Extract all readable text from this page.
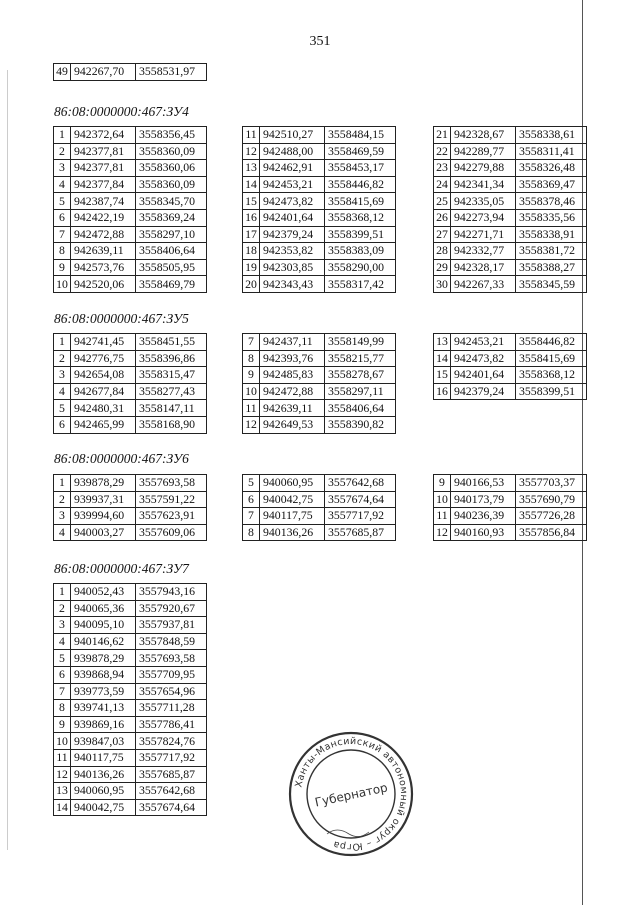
351
49	942267,70	3558531,97
86:08:0000000:467:ЗУ4
1	942372,64	3558356,45
2	942377,81	3558360,09
3	942377,81	3558360,06
4	942377,84	3558360,09
5	942387,74	3558345,70
6	942422,19	3558369,24
7	942472,88	3558297,10
8	942639,11	3558406,64
9	942573,76	3558505,95
10	942520,06	3558469,79
11	942510,27	3558484,15
12	942488,00	3558469,59
13	942462,91	3558453,17
14	942453,21	3558446,82
15	942473,82	3558415,69
16	942401,64	3558368,12
17	942379,24	3558399,51
18	942353,82	3558383,09
19	942303,85	3558290,00
20	942343,43	3558317,42
21	942328,67	3558338,61
22	942289,77	3558311,41
23	942279,88	3558326,48
24	942341,34	3558369,47
25	942335,05	3558378,46
26	942273,94	3558335,56
27	942271,71	3558338,91
28	942332,77	3558381,72
29	942328,17	3558388,27
30	942267,33	3558345,59
86:08:0000000:467:ЗУ5
1	942741,45	3558451,55
2	942776,75	3558396,86
3	942654,08	3558315,47
4	942677,84	3558277,43
5	942480,31	3558147,11
6	942465,99	3558168,90
7	942437,11	3558149,99
8	942393,76	3558215,77
9	942485,83	3558278,67
10	942472,88	3558297,11
11	942639,11	3558406,64
12	942649,53	3558390,82
13	942453,21	3558446,82
14	942473,82	3558415,69
15	942401,64	3558368,12
16	942379,24	3558399,51
86:08:0000000:467:ЗУ6
1	939878,29	3557693,58
2	939937,31	3557591,22
3	939994,60	3557623,91
4	940003,27	3557609,06
5	940060,95	3557642,68
6	940042,75	3557674,64
7	940117,75	3557717,92
8	940136,26	3557685,87
9	940166,53	3557703,37
10	940173,79	3557690,79
11	940236,39	3557726,28
12	940160,93	3557856,84
86:08:0000000:467:ЗУ7
1	940052,43	3557943,16
2	940065,36	3557920,67
3	940095,10	3557937,81
4	940146,62	3557848,59
5	939878,29	3557693,58
6	939868,94	3557709,95
7	939773,59	3557654,96
8	939741,13	3557711,28
9	939869,16	3557786,41
10	939847,03	3557824,76
11	940117,75	3557717,92
12	940136,26	3557685,87
13	940060,95	3557642,68
14	940042,75	3557674,64
Ханты-Мансийский автономный округ – Югра
Губернатор
